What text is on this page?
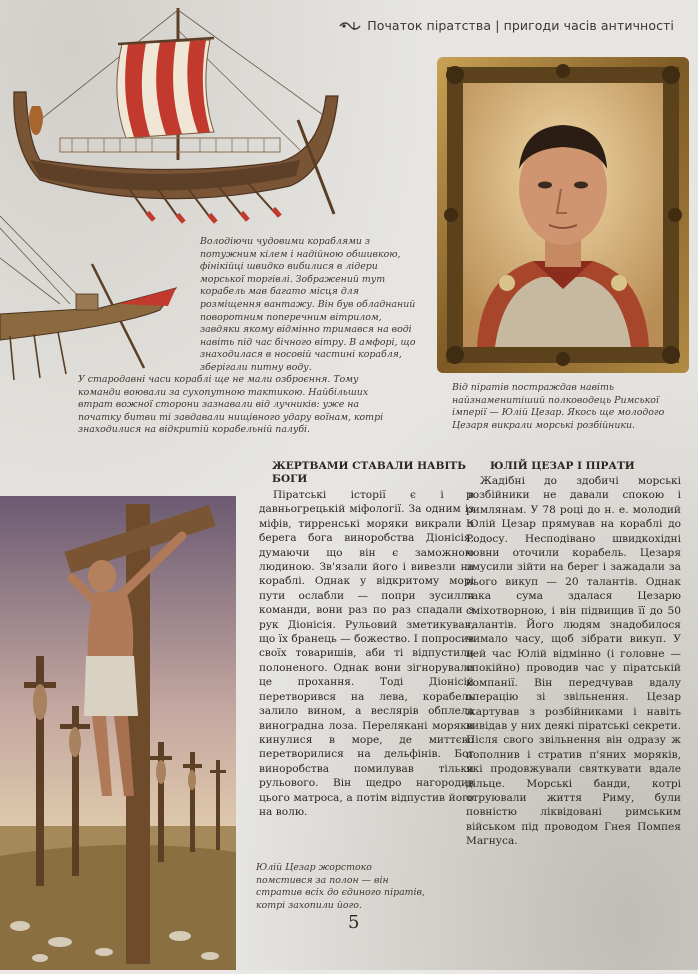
Початок піратства | пригоди часів античності

Володіючи чудовими кораблями з потужним кілем і надійною обшивкою, фінікійці швидко вибилися в лідери морської торгівлі. Зображений тут корабель мав багато місця для розміщення вантажу. Він був обладнаний поворотним поперечним вітрилом, завдяки якому відмінно тримався на воді навіть під час бічного вітру. В амфорі, що знаходилася в носовій частині корабля, зберігали питну воду.

У стародавні часи кораблі ще не мали озброєння. Тому команди воювали за сухопутною тактикою. Найбільших втрат вожної сторони зазнавали від лучників: уже на початку битви ті завдавали нищівного удару воїнам, котрі знаходилися на відкритій корабельній палубі.

Від піратів постраждав навіть найзнаменитіший полководець Римської імперії — Юлій Цезар. Якось ще молодого Цезаря викрали морські розбійники.

ЖЕРТВАМИ СТАВАЛИ НАВІТЬ БОГИ

Піратські історії є і в давньогрецькій міфології. За одним із міфів, тирренські моряки викрали з берега бога виноробства Діонісія, думаючи що він є заможною людиною. Зв'язали його і вивезли на кораблі. Однак у відкритому морі пути ослабли — попри зусилля команди, вони раз по раз спадали з рук Діонісія. Рульовий зметикував, що їх бранець — божество. І попросив своїх товаришів, аби ті відпустили полоненого. Однак вони зігнорували це прохання. Тоді Діонісій перетворився на лева, корабель залило вином, а веслярів обплела виноградна лоза. Перелякані моряки кинулися в море, де миттєво перетворилися на дельфінів. Бог виноробства помилував тільки рульового. Він щедро нагородив цього матроса, а потім відпустив його на волю.

ЮЛІЙ ЦЕЗАР І ПІРАТИ

Жадібні до здобичі морські розбійники не давали спокою і римлянам. У 78 році до н. е. молодий Юлій Цезар прямував на кораблі до Родосу. Несподівано швидкохідні човни оточили корабель. Цезаря змусили зійти на берег і зажадали за нього викуп — 20 талантів. Однак така сума здалася Цезарю сміхотворною, і він підвищив її до 50 талантів. Його людям знадобилося чимало часу, щоб зібрати викуп. У цей час Юлій відмінно (і головне — спокійно) проводив час у піратській компанії. Він передчував вдалу операцію зі звільнення. Цезар жартував з розбійниками і навіть вивідав у них деякі піратські секрети. Після свого звільнення він одразу ж пополнив і стратив п'яних моряків, які продовжували святкувати вдале дільце. Морські банди, котрі отруювали життя Риму, були повністю ліквідовані римським військом під проводом Гнея Помпея Магнуса.

Юлій Цезар жорстоко помстився за полон — він стратив всіх до єдиного піратів, котрі захопили його.

5
